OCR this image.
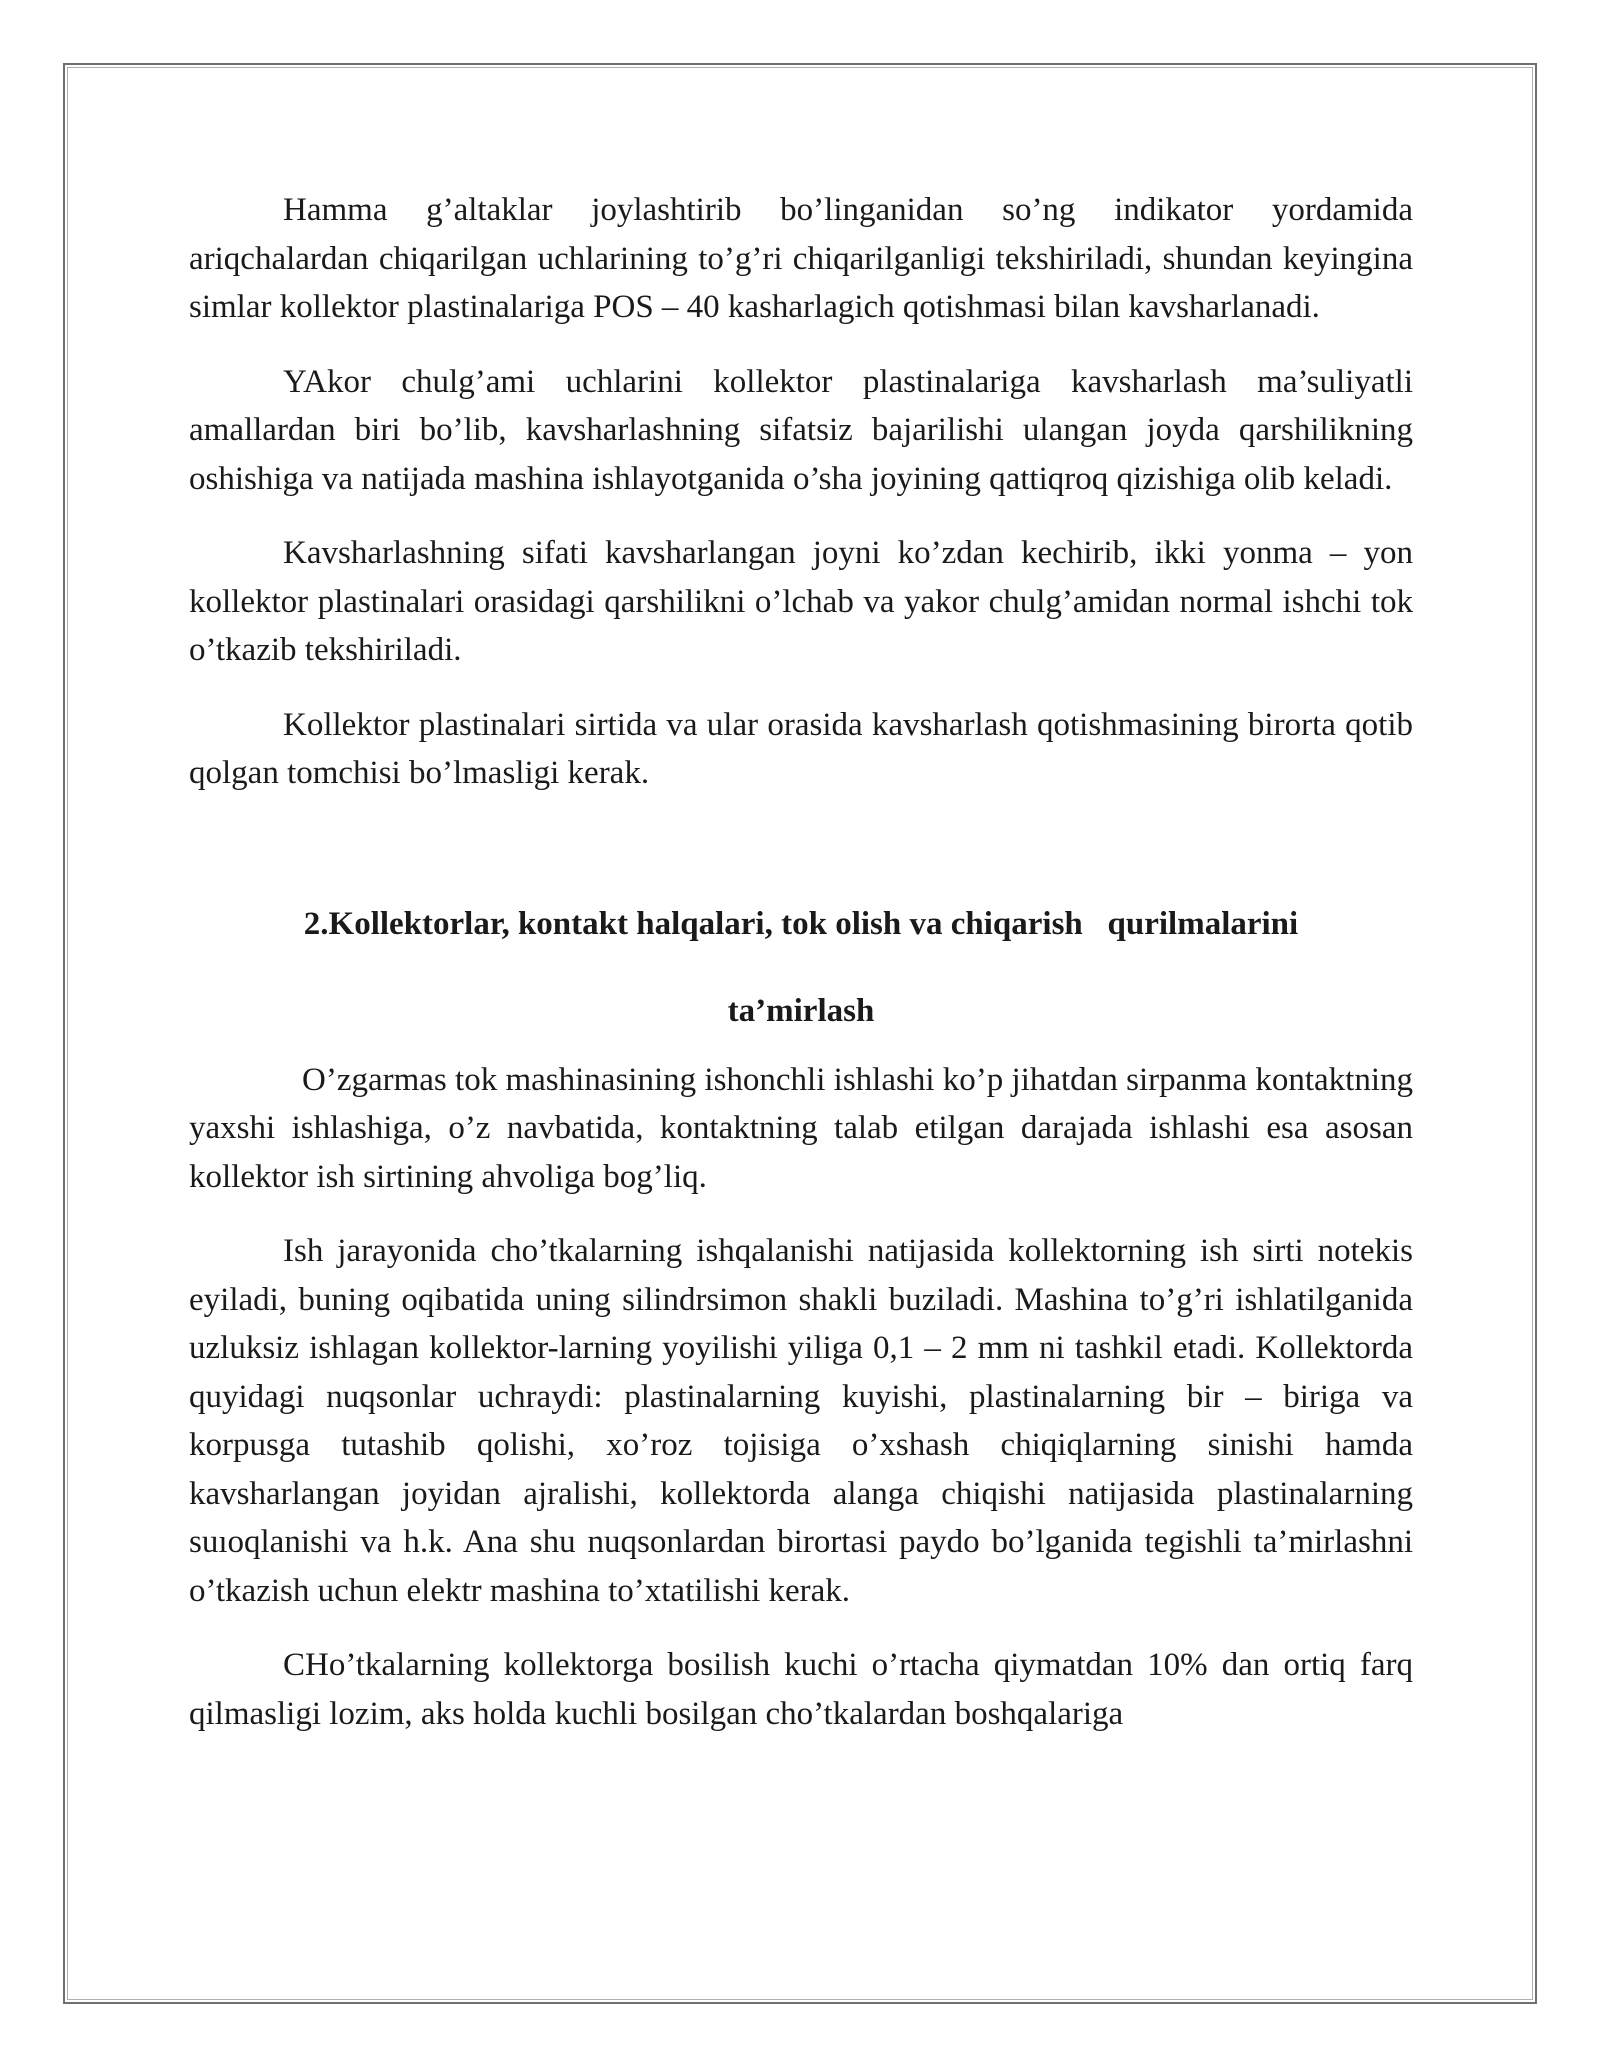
Hamma g’altaklar joylashtirib bo’linganidan so’ng indikator yordamida ariqchalardan chiqarilgan uchlarining to’g’ri chiqarilganligi tekshiriladi, shundan keyingina simlar kollektor plastinalariga POS – 40 kasharlagich qotishmasi bilan kavsharlanadi.

YAkor chulg’ami uchlarini kollektor plastinalariga kavsharlash ma’suliyatli amallardan biri bo’lib, kavsharlashning sifatsiz bajarilishi ulangan joyda qarshilikning oshishiga va natijada mashina ishlayotganida o’sha joyining qattiqroq qizishiga olib keladi.

Kavsharlashning sifati kavsharlangan joyni ko’zdan kechirib, ikki yonma – yon kollektor plastinalari orasidagi qarshilikni o’lchab va yakor chulg’amidan normal ishchi tok o’tkazib tekshiriladi.

Kollektor plastinalari sirtida va ular orasida kavsharlash qotishmasining birorta qotib qolgan tomchisi bo’lmasligi kerak.

2.Kollektorlar, kontakt halqalari, tok olish va chiqarish   qurilmalarini
ta’mirlash

O’zgarmas tok mashinasining ishonchli ishlashi ko’p jihatdan sirpanma kontaktning yaxshi ishlashiga, o’z navbatida, kontaktning talab etilgan darajada ishlashi esa asosan kollektor ish sirtining ahvoliga bog’liq.

Ish jarayonida cho’tkalarning ishqalanishi natijasida kollektorning ish sirti notekis eyiladi, buning oqibatida uning silindrsimon shakli buziladi. Mashina to’g’ri ishlatilganida uzluksiz ishlagan kollektor-larning yoyilishi yiliga 0,1 – 2 mm ni tashkil etadi. Kollektorda quyidagi nuqsonlar uchraydi: plastinalarning kuyishi, plastinalarning bir – biriga va korpusga tutashib qolishi, xo’roz tojisiga o’xshash chiqiqlarning sinishi hamda kavsharlangan joyidan ajralishi, kollektorda alanga chiqishi natijasida plastinalarning suıoqlanishi va h.k. Ana shu nuqsonlardan birortasi paydo bo’lganida tegishli ta’mirlashni o’tkazish uchun elektr mashina to’xtatilishi kerak.

CHo’tkalarning kollektorga bosilish kuchi o’rtacha qiymatdan 10% dan ortiq farq qilmasligi lozim, aks holda kuchli bosilgan cho’tkalardan boshqalariga
